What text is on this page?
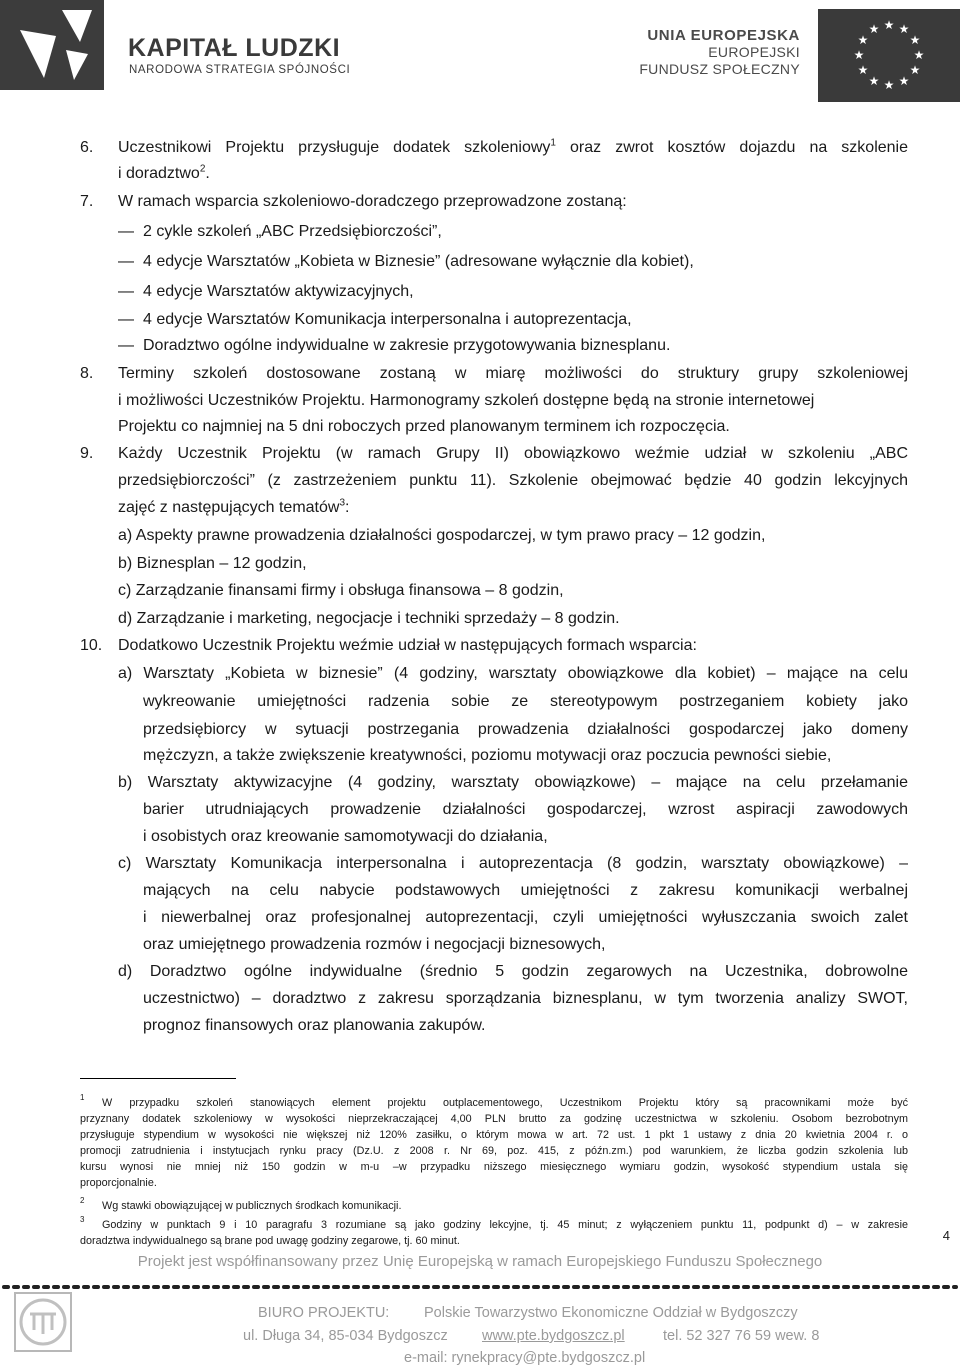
KAPITAŁ LUDZKI
NARODOWA STRATEGIA SPÓJNOŚCI
UNIA EUROPEJSKA
EUROPEJSKI
FUNDUSZ SPOŁECZNY
★ ★
★
★
★
★
★
★
★
★
★
★
6. Uczestnikowi Projektu przysługuje dodatek szkoleniowy$^1$ oraz zwrot kosztów dojazdu na szkolenie
i doradztwo$^2$.
7. W ramach wsparcia szkoleniowo-doradczego przeprowadzone zostaną:
— 2 cykle szkoleń „ABC Przedsiębiorczości”,
— 4 edycje Warsztatów „Kobieta w Biznesie” (adresowane wyłącznie dla kobiet),
— 4 edycje Warsztatów aktywizacyjnych,
— 4 edycje Warsztatów Komunikacja interpersonalna i autoprezentacja,
— Doradztwo ogólne indywidualne w zakresie przygotowywania biznesplanu.
8. Terminy szkoleń dostosowane zostaną w miarę możliwości do struktury grupy szkoleniowej
i możliwości Uczestników Projektu. Harmonogramy szkoleń dostępne będą na stronie internetowej
Projektu co najmniej na 5 dni roboczych przed planowanym terminem ich rozpoczęcia.
9. Każdy Uczestnik Projektu (w ramach Grupy II) obowiązkowo weźmie udział w szkoleniu „ABC
przedsiębiorczości” (z zastrzeżeniem punktu 11). Szkolenie obejmować będzie 40 godzin lekcyjnych
zajęć z następujących tematów$^3$:
a) Aspekty prawne prowadzenia działalności gospodarczej, w tym prawo pracy – 12 godzin,
b) Biznesplan – 12 godzin,
c) Zarządzanie finansami firmy i obsługa finansowa – 8 godzin,
d) Zarządzanie i marketing, negocjacje i techniki sprzedaży – 8 godzin.
10. Dodatkowo Uczestnik Projektu weźmie udział w następujących formach wsparcia:
a) Warsztaty „Kobieta w biznesie” (4 godziny, warsztaty obowiązkowe dla kobiet) – mające na celu
wykreowanie umiejętności radzenia sobie ze stereotypowym postrzeganiem kobiety jako
przedsiębiorcy w sytuacji postrzegania prowadzenia działalności gospodarczej jako domeny
mężczyzn, a także zwiększenie kreatywności, poziomu motywacji oraz poczucia pewności siebie,
b) Warsztaty aktywizacyjne (4 godziny, warsztaty obowiązkowe) – mające na celu przełamanie
barier utrudniających prowadzenie działalności gospodarczej, wzrost aspiracji zawodowych
i osobistych oraz kreowanie samomotywacji do działania,
c) Warsztaty Komunikacja interpersonalna i autoprezentacja (8 godzin, warsztaty obowiązkowe) –
mających na celu nabycie podstawowych umiejętności z zakresu komunikacji werbalnej
i niewerbalnej oraz profesjonalnej autoprezentacji, czyli umiejętności wyłuszczania swoich zalet
oraz umiejętnego prowadzenia rozmów i negocjacji biznesowych,
d) Doradztwo ogólne indywidualne (średnio 5 godzin zegarowych na Uczestnika, dobrowolne
uczestnictwo) – doradztwo z zakresu sporządzania biznesplanu, w tym tworzenia analizy SWOT,
prognoz finansowych oraz planowania zakupów.
1 W przypadku szkoleń stanowiących element projektu outplacementowego, Uczestnikom Projektu który są pracownikami może być
przyznany dodatek szkoleniowy w wysokości nieprzekraczającej 4,00 PLN brutto za godzinę uczestnictwa w szkoleniu. Osobom bezrobotnym
przysługuje stypendium w wysokości nie większej niż 120% zasiłku, o którym mowa w art. 72 ust. 1 pkt 1 ustawy z dnia 20 kwietnia 2004 r. o
promocji zatrudnienia i instytucjach rynku pracy (Dz.U. z 2008 r. Nr 69, poz. 415, z późn.zm.) pod warunkiem, że liczba godzin szkolenia lub
kursu wynosi nie mniej niż 150 godzin w m-u –w przypadku niższego miesięcznego wymiaru godzin, wysokość stypendium ustala się
proporcjonalnie.
2 Wg stawki obowiązującej w publicznych środkach komunikacji.
3 Godziny w punktach 9 i 10 paragrafu 3 rozumiane są jako godziny lekcyjne, tj. 45 minut; z wyłączeniem punktu 11, podpunkt d) – w zakresie
doradztwa indywidualnego są brane pod uwagę godziny zegarowe, tj. 60 minut.	4
Projekt jest współfinansowany przez Unię Europejską w ramach Europejskiego Funduszu Społecznego
BIURO PROJEKTU: Polskie Towarzystwo Ekonomiczne Oddział w Bydgoszczy
ul. Długa 34, 85-034 Bydgoszcz www.pte.bydgoszcz.pl	tel. 52 327 76 59 wew. 8
e-mail: rynekpracy@pte.bydgoszcz.pl
